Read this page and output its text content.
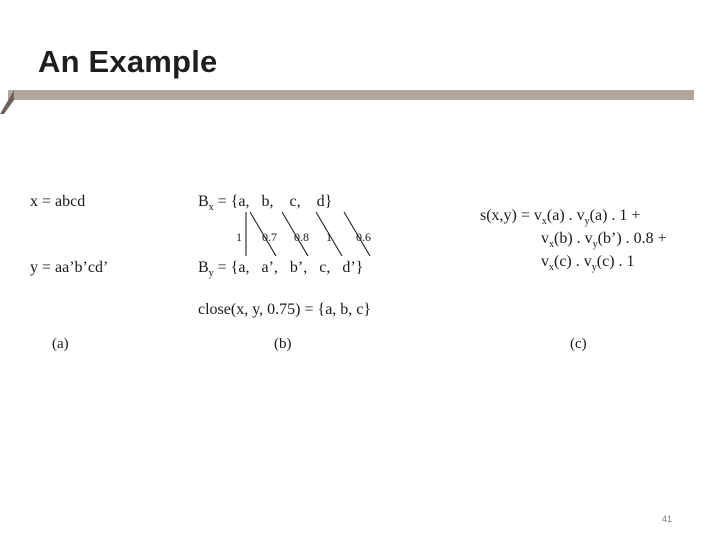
An Example
x = abcd
y = aa’b’cd’
(a)
$B_x = \{a$,   b,    c,    d}
1 0.7 0.8 1 0.6
$B_y = \{a$,   a’,   b’,   c,   d’}
close(x, y, 0.75) = {a, b, c}
(b)
$s(x,y) = v_x(a)$ . $v_y(a)$ . 1 +
$v_x(b)$ . $v_y(b’)$ . 0.8 +
$v_x(c)$ . $v_y(c)$ . 1
(c)
41
